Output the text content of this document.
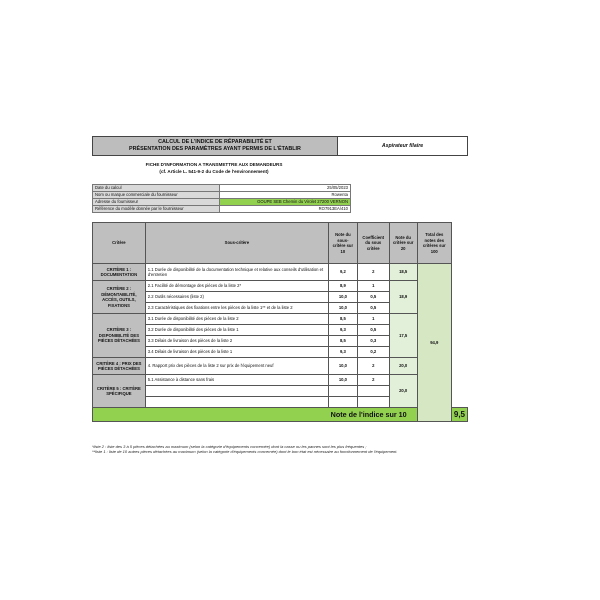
CALCUL DE L'INDICE DE RÉPARABILITÉ ET
PRÉSENTATION DES PARAMÈTRES AYANT PERMIS DE L'ÉTABLIR	Aspirateur filaire
FICHE D'INFORMATION A TRANSMETTRE AUX DEMANDEURS
(cf. Article L. 541-9-2 du Code de l'environnement)
Date du calcul	25/05/2023	
Nom ou marque commerciale du fournisseur	Rowenta	
Adresse du fournisseur	GOUPE SEB Chemin du Virolet 27200 VERNON	
Référence du modèle donnée par le fournisseur	RO7913EA/410	
Critère	Sous-critère	Note du sous-critère sur 10	Coefficient du sous critère	Note du critère sur 20	Total des notes des critères sur 100	
CRITÈRE 1 : DOCUMENTATION	1.1 Durée de disponibilité de la documentation technique et relative aux conseils d'utilisation et d'entretien	9,2	2	18,5	94,9	
CRITÈRE 2 : DÉMONTABILITÉ, ACCÈS, OUTILS, FIXATIONS	2.1 Facilité de démontage des pièces de la liste 2*	8,9	1	18,9		
	2.2 Outils nécessaires (liste 2)	10,0	0,5			
	2.3 Caractéristiques des fixations entre les pièces de la liste 1** et de la liste 2	10,0	0,5			
CRITÈRE 3 : DISPONIBILITÉ DES PIÈCES DÉTACHÉES	3.1 Durée de disponibilité des pièces de la liste 2	8,5	1	17,5		
	3.2 Durée de disponibilité des pièces de la liste 1	9,3	0,5			
	3.3 Délais de livraison des pièces de la liste 2	8,5	0,3			
	3.4 Délais de livraison des pièces de la liste 1	9,3	0,2			
CRITÈRE 4 : PRIX DES PIÈCES DÉTACHÉES	4. Rapport prix des pièces de la liste 2 sur prix de l'équipement neuf	10,0	2	20,0		
CRITÈRE 5 : CRITÈRE SPÉCIFIQUE	5.1 Assistance à distance sans frais	10,0	2	20,0		

Note de l'indice sur 10						9,5

*liste 2 : liste des 3 à 5 pièces détachées au maximum (selon la catégorie d'équipements concernée) dont la casse ou les pannes sont les plus fréquentes ;

**liste 1 : liste de 10 autres pièces détachées au maximum (selon la catégorie d'équipements concernée) dont le bon état est nécessaire au fonctionnement de l'équipement.
